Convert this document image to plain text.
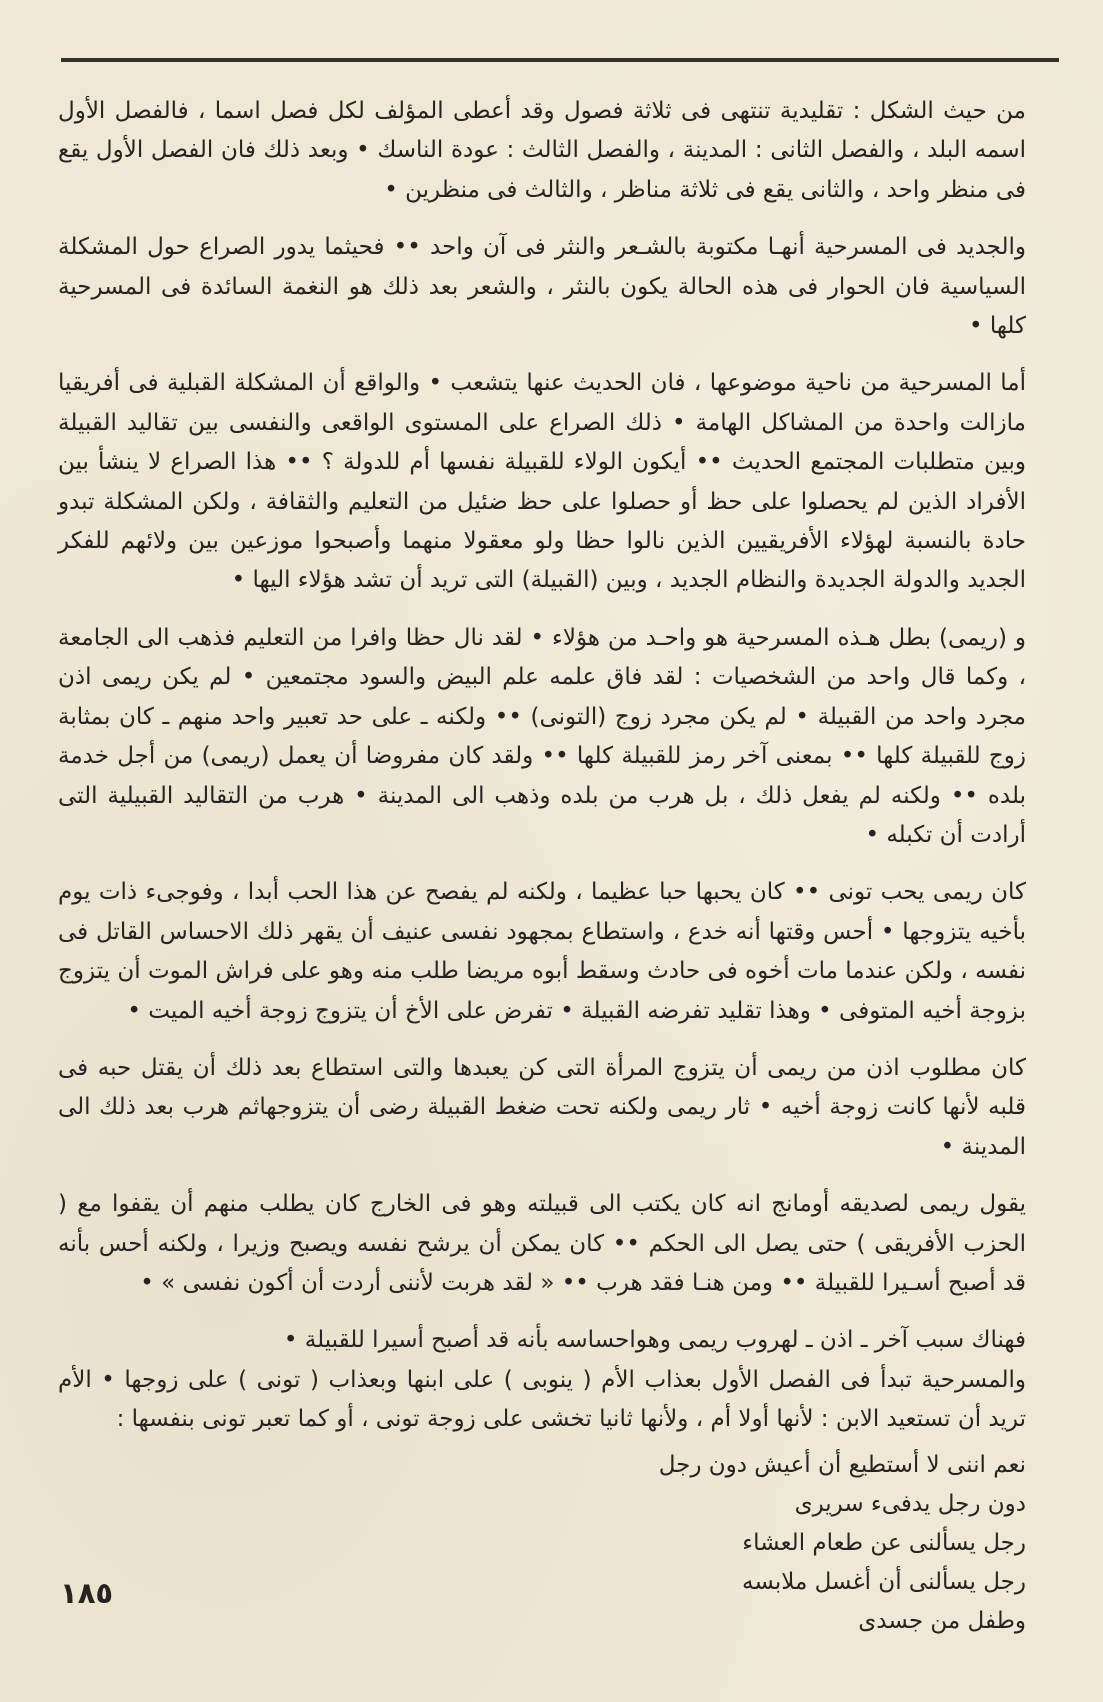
من حيث الشكل : تقليدية تنتهى فى ثلاثة فصول وقد أعطى المؤلف لكل فصل اسما ، فالفصل الأول اسمه البلد ، والفصل الثانى : المدينة ، والفصل الثالث : عودة الناسك • وبعد ذلك فان الفصل الأول يقع فى منظر واحد ، والثانى يقع فى ثلاثة مناظر ، والثالث فى منظرين •

والجديد فى المسرحية أنهـا مكتوبة بالشـعر والنثر فى آن واحد •• فحيثما يدور الصراع حول المشكلة السياسية فان الحوار فى هذه الحالة يكون بالنثر ، والشعر بعد ذلك هو النغمة السائدة فى المسرحية كلها •

أما المسرحية من ناحية موضوعها ، فان الحديث عنها يتشعب • والواقع أن المشكلة القبلية فى أفريقيا مازالت واحدة من المشاكل الهامة • ذلك الصراع على المستوى الواقعى والنفسى بين تقاليد القبيلة وبين متطلبات المجتمع الحديث •• أيكون الولاء للقبيلة نفسها أم للدولة ؟ •• هذا الصراع لا ينشأ بين الأفراد الذين لم يحصلوا على حظ أو حصلوا على حظ ضئيل من التعليم والثقافة ، ولكن المشكلة تبدو حادة بالنسبة لهؤلاء الأفريقيين الذين نالوا حظا ولو معقولا منهما وأصبحوا موزعين بين ولائهم للفكر الجديد والدولة الجديدة والنظام الجديد ، وبين (القبيلة) التى تريد أن تشد هؤلاء اليها •

و (ريمى) بطل هـذه المسرحية هو واحـد من هؤلاء • لقد نال حظا وافرا من التعليم فذهب الى الجامعة ، وكما قال واحد من الشخصيات : لقد فاق علمه علم البيض والسود مجتمعين • لم يكن ريمى اذن مجرد واحد من القبيلة • لم يكن مجرد زوج (التونى) •• ولكنه ـ على حد تعبير واحد منهم ـ كان بمثابة زوج للقبيلة كلها •• بمعنى آخر رمز للقبيلة كلها •• ولقد كان مفروضا أن يعمل (ريمى) من أجل خدمة بلده •• ولكنه لم يفعل ذلك ، بل هرب من بلده وذهب الى المدينة • هرب من التقاليد القبيلية التى أرادت أن تكبله •

كان ريمى يحب تونى •• كان يحبها حبا عظيما ، ولكنه لم يفصح عن هذا الحب أبدا ، وفوجىء ذات يوم بأخيه يتزوجها • أحس وقتها أنه خدع ، واستطاع بمجهود نفسى عنيف أن يقهر ذلك الاحساس القاتل فى نفسه ، ولكن عندما مات أخوه فى حادث وسقط أبوه مريضا طلب منه وهو على فراش الموت أن يتزوج بزوجة أخيه المتوفى • وهذا تقليد تفرضه القبيلة • تفرض على الأخ أن يتزوج زوجة أخيه الميت •

كان مطلوب اذن من ريمى أن يتزوج المرأة التى كن يعبدها والتى استطاع بعد ذلك أن يقتل حبه فى قلبه لأنها كانت زوجة أخيه • ثار ريمى ولكنه تحت ضغط القبيلة رضى أن يتزوجهاثم هرب بعد ذلك الى المدينة •

يقول ريمى لصديقه أومانج انه كان يكتب الى قبيلته وهو فى الخارج كان يطلب منهم أن يقفوا مع ( الحزب الأفريقى ) حتى يصل الى الحكم •• كان يمكن أن يرشح نفسه ويصبح وزيرا ، ولكنه أحس بأنه قد أصبح أسـيرا للقبيلة •• ومن هنـا فقد هرب •• « لقد هربت لأننى أردت أن أكون نفسى » •

فهناك سبب آخر ـ اذن ـ لهروب ريمى وهواحساسه بأنه قد أصبح أسيرا للقبيلة •

والمسرحية تبدأ فى الفصل الأول بعذاب الأم ( ينوبى ) على ابنها وبعذاب ( تونى ) على زوجها • الأم تريد أن تستعيد الابن : لأنها أولا أم ، ولأنها ثانيا تخشى على زوجة تونى ، أو كما تعبر تونى بنفسها :

نعم اننى لا أستطيع أن أعيش دون رجل
دون رجل يدفىء سريرى
رجل يسألنى عن طعام العشاء
رجل يسألنى أن أغسل ملابسه
وطفل من جسدى
١٨٥
